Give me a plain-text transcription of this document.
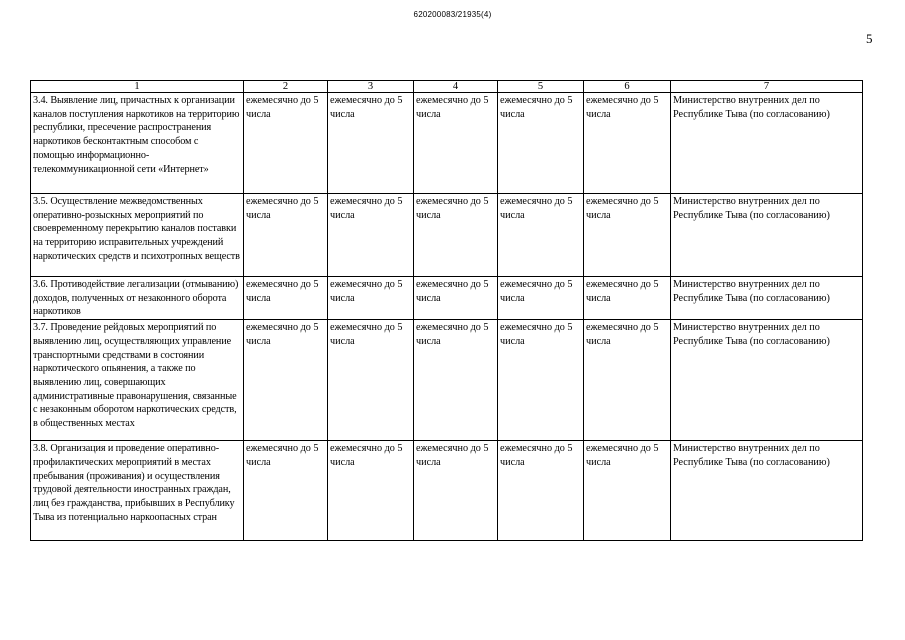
620200083/21935(4)
5
1	2	3	4	5	6	7
3.4. Выявление лиц, причастных к организации каналов поступления наркотиков на территорию республики, пресечение распространения наркотиков бесконтактным способом с помощью информационно-телекоммуникационной сети «Интернет»	ежемесячно до 5 числа	ежемесячно до 5 числа	ежемесячно до 5 числа	ежемесячно до 5 числа	ежемесячно до 5 числа	Министерство внутренних дел по Республике Тыва (по согласованию)
3.5. Осуществление межведомственных оперативно-розыскных мероприятий по своевременному перекрытию каналов поставки на территорию исправительных учреждений наркотических средств и психотропных веществ	ежемесячно до 5 числа	ежемесячно до 5 числа	ежемесячно до 5 числа	ежемесячно до 5 числа	ежемесячно до 5 числа	Министерство внутренних дел по Республике Тыва (по согласованию)
3.6. Противодействие легализации (отмыванию) доходов, полученных от незаконного оборота наркотиков	ежемесячно до 5 числа	ежемесячно до 5 числа	ежемесячно до 5 числа	ежемесячно до 5 числа	ежемесячно до 5 числа	Министерство внутренних дел по Республике Тыва (по согласованию)
3.7. Проведение рейдовых мероприятий по выявлению лиц, осуществляющих управление транспортными средствами в состоянии наркотического опьянения, а также по выявлению лиц, совершающих административные правонарушения, связанные с незаконным оборотом наркотических средств, в общественных местах	ежемесячно до 5 числа	ежемесячно до 5 числа	ежемесячно до 5 числа	ежемесячно до 5 числа	ежемесячно до 5 числа	Министерство внутренних дел по Республике Тыва (по согласованию)
3.8. Организация и проведение оперативно-профилактических мероприятий в местах пребывания (проживания) и осуществления трудовой деятельности иностранных граждан, лиц без гражданства, прибывших в Республику Тыва из потенциально наркоопасных стран	ежемесячно до 5 числа	ежемесячно до 5 числа	ежемесячно до 5 числа	ежемесячно до 5 числа	ежемесячно до 5 числа	Министерство внутренних дел по Республике Тыва (по согласованию)
